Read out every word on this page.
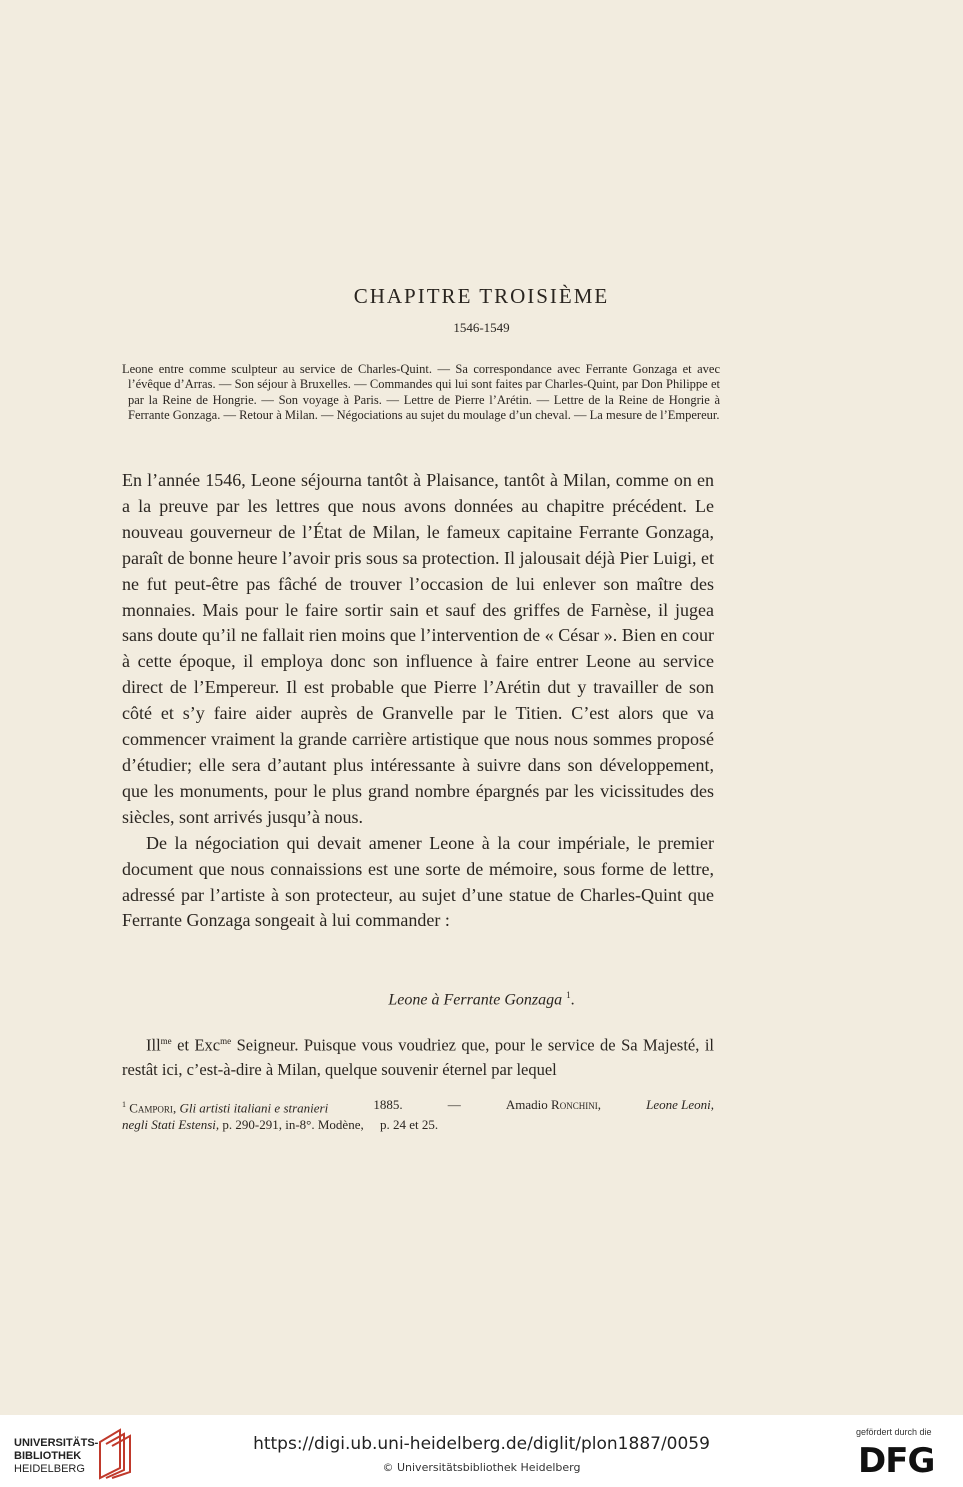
CHAPITRE TROISIÈME
1546-1549
Leone entre comme sculpteur au service de Charles-Quint. — Sa correspondance avec Ferrante Gonzaga et avec l’évêque d’Arras. — Son séjour à Bruxelles. — Commandes qui lui sont faites par Charles-Quint, par Don Philippe et par la Reine de Hongrie. — Son voyage à Paris. — Lettre de Pierre l’Arétin. — Lettre de la Reine de Hongrie à Ferrante Gonzaga. — Retour à Milan. — Négociations au sujet du moulage d’un cheval. — La mesure de l’Empereur.

En l’année 1546, Leone séjourna tantôt à Plaisance, tantôt à Milan, comme on en a la preuve par les lettres que nous avons données au chapitre précédent. Le nouveau gouverneur de l’État de Milan, le fameux capitaine Ferrante Gonzaga, paraît de bonne heure l’avoir pris sous sa protection. Il jalousait déjà Pier Luigi, et ne fut peut-être pas fâché de trouver l’occasion de lui enlever son maître des monnaies. Mais pour le faire sortir sain et sauf des griffes de Farnèse, il jugea sans doute qu’il ne fallait rien moins que l’intervention de « César ». Bien en cour à cette époque, il employa donc son influence à faire entrer Leone au service direct de l’Empereur. Il est probable que Pierre l’Arétin dut y travailler de son côté et s’y faire aider auprès de Granvelle par le Titien. C’est alors que va commencer vraiment la grande carrière artistique que nous nous sommes proposé d’étudier; elle sera d’autant plus intéressante à suivre dans son développement, que les monuments, pour le plus grand nombre épargnés par les vicissitudes des siècles, sont arrivés jusqu’à nous.

De la négociation qui devait amener Leone à la cour impériale, le premier document que nous connaissions est une sorte de mémoire, sous forme de lettre, adressé par l’artiste à son protecteur, au sujet d’une statue de Charles-Quint que Ferrante Gonzaga songeait à lui commander :

Leone à Ferrante Gonzaga $^1$.
Ill$^{me}$ et Exc$^{me}$ Seigneur. Puisque vous voudriez que, pour le service de Sa Majesté, il restât ici, c’est-à-dire à Milan, quelque souvenir éternel par lequel
$^1$ Campori, Gli artisti italiani e stranieri	1885.	—	Amadio Ronchini,	Leone Leoni,
negli Stati Estensi, p. 290-291, in-8°. Modène, p. 24 et 25.
UNIVERSITÄTS-
BIBLIOTHEK
HEIDELBERG
https://digi.ub.uni-heidelberg.de/diglit/plon1887/0059
© Universitätsbibliothek Heidelberg
gefördert durch die
DFG
